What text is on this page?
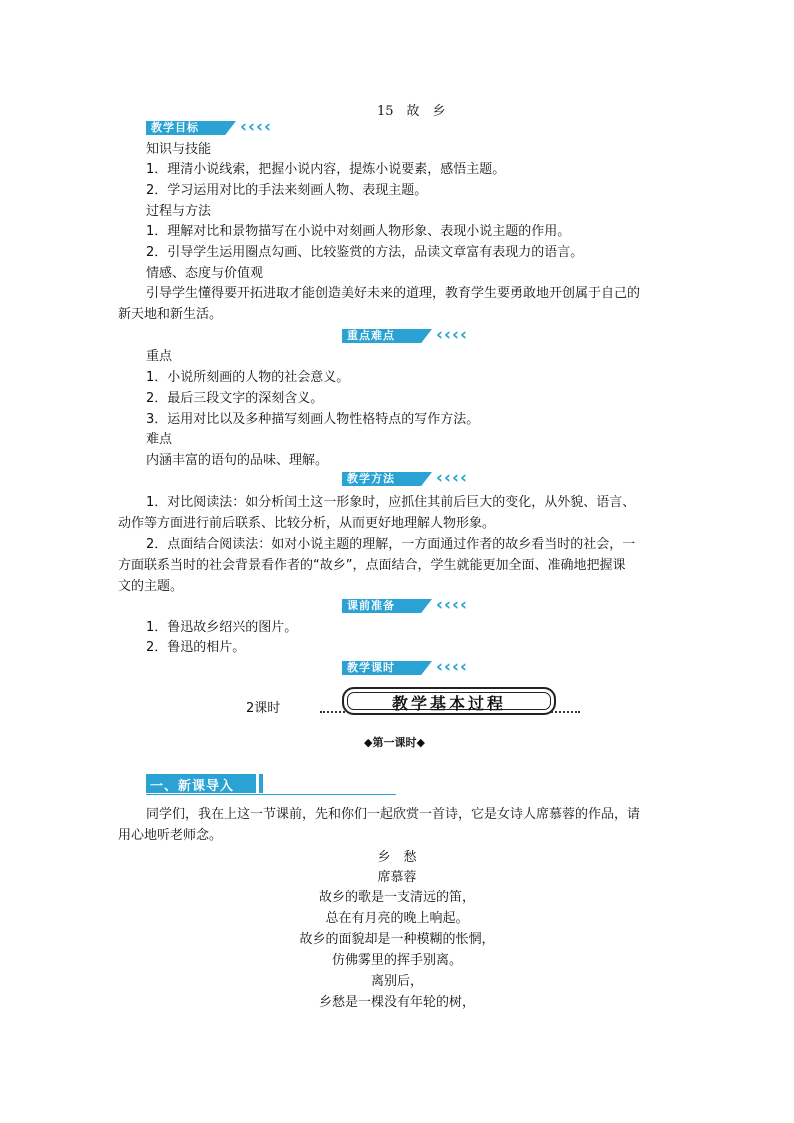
15　故　乡
教学目标 ‹‹‹‹
知识与技能
1．理清小说线索，把握小说内容，提炼小说要素，感悟主题。
2．学习运用对比的手法来刻画人物、表现主题。
过程与方法
1．理解对比和景物描写在小说中对刻画人物形象、表现小说主题的作用。
2．引导学生运用圈点勾画、比较鉴赏的方法，品读文章富有表现力的语言。
情感、态度与价值观
引导学生懂得要开拓进取才能创造美好未来的道理，教育学生要勇敢地开创属于自己的
新天地和新生活。
重点难点 ‹‹‹‹
重点
1．小说所刻画的人物的社会意义。
2．最后三段文字的深刻含义。
3．运用对比以及多种描写刻画人物性格特点的写作方法。
难点
内涵丰富的语句的品味、理解。
教学方法 ‹‹‹‹
1．对比阅读法：如分析闰土这一形象时，应抓住其前后巨大的变化，从外貌、语言、
动作等方面进行前后联系、比较分析，从而更好地理解人物形象。
2．点面结合阅读法：如对小说主题的理解，一方面通过作者的故乡看当时的社会，一
方面联系当时的社会背景看作者的“故乡”，点面结合，学生就能更加全面、准确地把握课
文的主题。
课前准备 ‹‹‹‹
1．鲁迅故乡绍兴的图片。
2．鲁迅的相片。
教学课时 ‹‹‹‹
2课时	教学基本过程
◆第一课时◆
一、新课导入
同学们，我在上这一节课前，先和你们一起欣赏一首诗，它是女诗人席慕蓉的作品，请
用心地听老师念。
乡　愁
席慕蓉
故乡的歌是一支清远的笛，
总在有月亮的晚上响起。
故乡的面貌却是一种模糊的怅惘，
仿佛雾里的挥手别离。
离别后，
乡愁是一棵没有年轮的树，
